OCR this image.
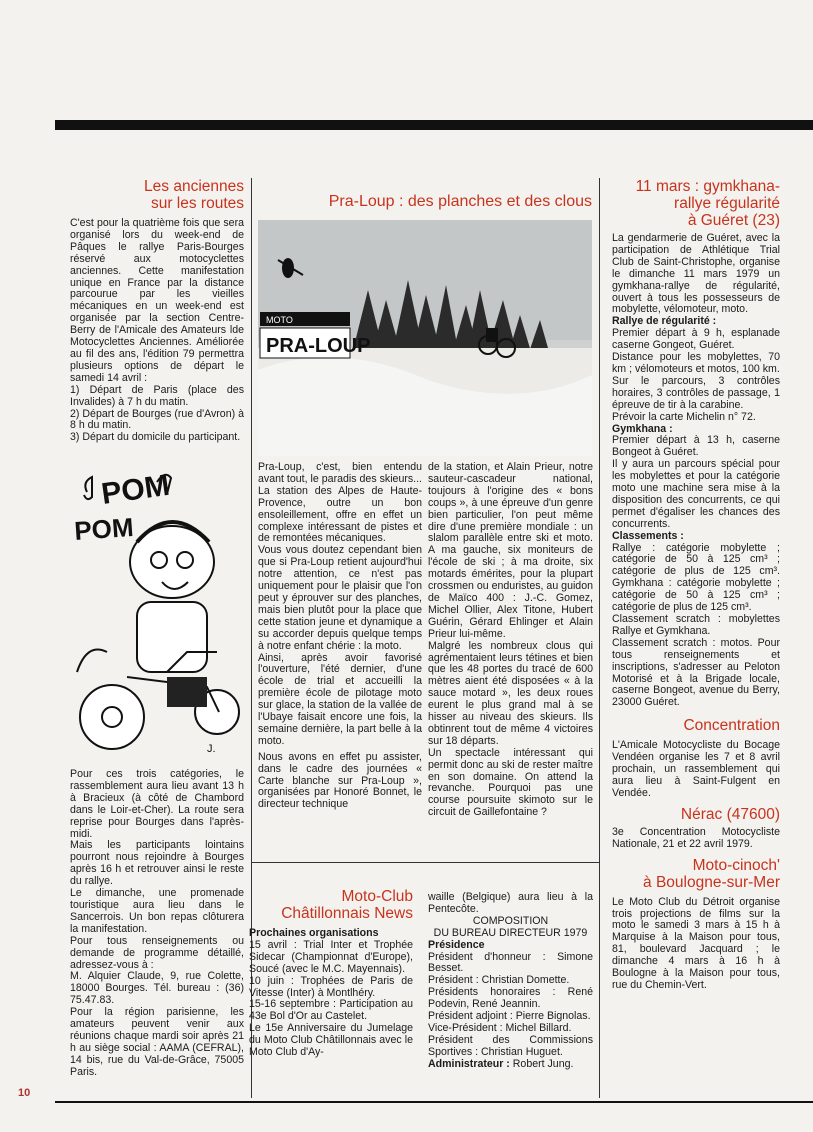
Les anciennes
sur les routes

C'est pour la quatrième fois que sera organisé lors du week-end de Pâques le rallye Paris-Bourges réservé aux motocyclettes anciennes. Cette manifestation unique en France par la distance parcourue par les vieilles mécaniques en un week-end est organisée par la section Centre-Berry de l'Amicale des Amateurs lde Motocyclettes Anciennes. Améliorée au fil des ans, l'édition 79 permettra plusieurs options de départ le samedi 14 avril :

1) Départ de Paris (place des Invalides) à 7 h du matin.

2) Départ de Bourges (rue d'Avron) à 8 h du matin.

3) Départ du domicile du participant.

POM
POM
J.

Pour ces trois catégories, le rassemblement aura lieu avant 13 h à Bracieux (à côté de Chambord dans le Loir-et-Cher). La route sera reprise pour Bourges dans l'après-midi.

Mais les participants lointains pourront nous rejoindre à Bourges après 16 h et retrouver ainsi le reste du rallye.

Le dimanche, une promenade touristique aura lieu dans le Sancerrois. Un bon repas clôturera la manifestation.

Pour tous renseignements ou demande de programme détaillé, adressez-vous à :

M. Alquier Claude, 9, rue Colette, 18000 Bourges. Tél. bureau : (36) 75.47.83.

Pour la région parisienne, les amateurs peuvent venir aux réunions chaque mardi soir après 21 h au siège social : AAMA (CEFRAL), 14 bis, rue du Val-de-Grâce, 75005 Paris.

Pra-Loup : des planches et des clous
PRA-LOUP
MOTO

Pra-Loup, c'est, bien entendu avant tout, le paradis des skieurs... La station des Alpes de Haute-Provence, outre un bon ensoleillement, offre en effet un complexe intéressant de pistes et de remontées mécaniques.

Vous vous doutez cependant bien que si Pra-Loup retient aujourd'hui notre attention, ce n'est pas uniquement pour le plaisir que l'on peut y éprouver sur des planches, mais bien plutôt pour la place que cette station jeune et dynamique a su accorder depuis quelque temps à notre enfant chérie : la moto.

Ainsi, après avoir favorisé l'ouverture, l'été dernier, d'une école de trial et accueilli la première école de pilotage moto sur glace, la station de la vallée de l'Ubaye faisait encore une fois, la semaine dernière, la part belle à la moto.

Nous avons en effet pu assister, dans le cadre des journées « Carte blanche sur Pra-Loup », organisées par Honoré Bonnet, le directeur technique

de la station, et Alain Prieur, notre sauteur-cascadeur national, toujours à l'origine des « bons coups », à une épreuve d'un genre bien particulier, l'on peut même dire d'une première mondiale : un slalom parallèle entre ski et moto. A ma gauche, six moniteurs de l'école de ski ; à ma droite, six motards émérites, pour la plupart crossmen ou enduristes, au guidon de Maïco 400 : J.-C. Gomez, Michel Ollier, Alex Titone, Hubert Guérin, Gérard Ehlinger et Alain Prieur lui-même.

Malgré les nombreux clous qui agrémentaient leurs tétines et bien que les 48 portes du tracé de 600 mètres aient été disposées « à la sauce motard », les deux roues eurent le plus grand mal à se hisser au niveau des skieurs. Ils obtinrent tout de même 4 victoires sur 18 départs.

Un spectacle intéressant qui permit donc au ski de rester maître en son domaine. On attend la revanche. Pourquoi pas une course poursuite skimoto sur le circuit de Gaillefontaine ?

Moto-Club
Châtillonnais News

Prochaines organisations

15 avril : Trial Inter et Trophée Sidecar (Championnat d'Europe), Soucé (avec le M.C. Mayennais).

10 juin : Trophées de Paris de Vitesse (Inter) à Montlhéry.

15-16 septembre : Participation au 43e Bol d'Or au Castelet.

Le 15e Anniversaire du Jumelage du Moto Club Châtillonnais avec le Moto Club d'Ay-

waille (Belgique) aura lieu à la Pentecôte.

COMPOSITION

DU BUREAU DIRECTEUR 1979

Présidence

Président d'honneur : Simone Besset.

Président : Christian Domette.

Présidents honoraires : René Podevin, René Jeannin.

Président adjoint : Pierre Bignolas.

Vice-Président : Michel Billard.

Président des Commissions Sportives : Christian Huguet.

Administrateur : Robert Jung.

11 mars : gymkhana-
rallye régularité
à Guéret (23)

La gendarmerie de Guéret, avec la participation de Athlétique Trial Club de Saint-Christophe, organise le dimanche 11 mars 1979 un gymkhana-rallye de régularité, ouvert à tous les possesseurs de mobylette, vélomoteur, moto.

Rallye de régularité :

Premier départ à 9 h, esplanade caserne Gongeot, Guéret.

Distance pour les mobylettes, 70 km ; vélomoteurs et motos, 100 km.

Sur le parcours, 3 contrôles horaires, 3 contrôles de passage, 1 épreuve de tir à la carabine.

Prévoir la carte Michelin n° 72.

Gymkhana :

Premier départ à 13 h, caserne Bongeot à Guéret.

Il y aura un parcours spécial pour les mobylettes et pour la catégorie moto une machine sera mise à la disposition des concurrents, ce qui permet d'égaliser les chances des concurrents.

Classements :

Rallye : catégorie mobylette ; catégorie de 50 à 125 cm³ ; catégorie de plus de 125 cm³. Gymkhana : catégorie mobylette ; catégorie de 50 à 125 cm³ ; catégorie de plus de 125 cm³.

Classement scratch : mobylettes Rallye et Gymkhana.

Classement scratch : motos. Pour tous renseignements et inscriptions, s'adresser au Peloton Motorisé et à la Brigade locale, caserne Bongeot, avenue du Berry, 23000 Guéret.

Concentration

L'Amicale Motocycliste du Bocage Vendéen organise les 7 et 8 avril prochain, un rassemblement qui aura lieu à Saint-Fulgent en Vendée.

Nérac (47600)

3e Concentration Motocycliste Nationale, 21 et 22 avril 1979.

Moto-cinoch'
à Boulogne-sur-Mer

Le Moto Club du Détroit organise trois projections de films sur la moto le samedi 3 mars à 15 h à Marquise à la Maison pour tous, 81, boulevard Jacquard ; le dimanche 4 mars à 16 h à Boulogne à la Maison pour tous, rue du Chemin-Vert.

10
